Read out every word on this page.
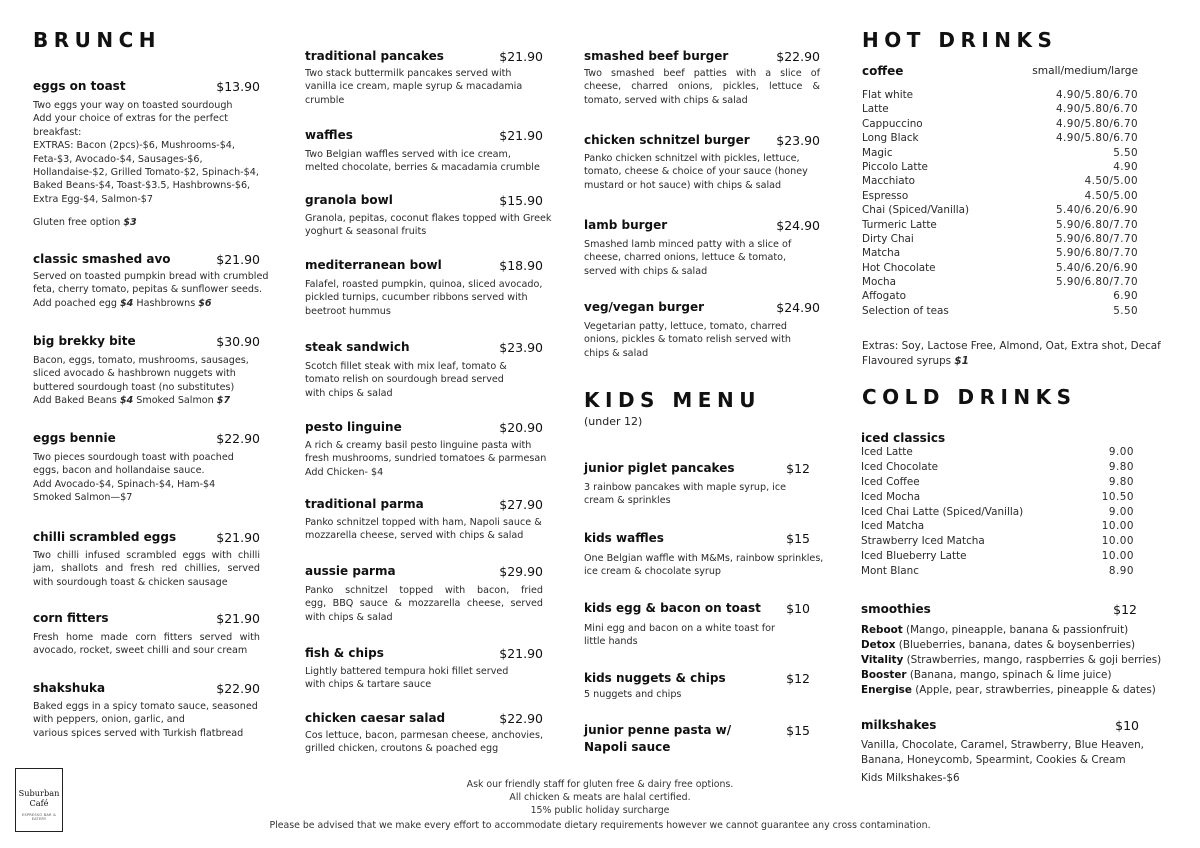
BRUNCH
eggs on toast	$13.90
Two eggs your way on toasted sourdough
Add your choice of extras for the perfect
breakfast:
EXTRAS: Bacon (2pcs)-$6, Mushrooms-$4,
Feta-$3, Avocado-$4, Sausages-$6,
Hollandaise-$2, Grilled Tomato-$2, Spinach-$4,
Baked Beans-$4, Toast-$3.5, Hashbrowns-$6,
Extra Egg-$4, Salmon-$7
Gluten free option $3
classic smashed avo	$21.90
Served on toasted pumpkin bread with crumbled
feta, cherry tomato, pepitas & sunflower seeds.
Add poached egg $4 Hashbrowns $6
big brekky bite	$30.90
Bacon, eggs, tomato, mushrooms, sausages,
sliced avocado & hashbrown nuggets with
buttered sourdough toast (no substitutes)
Add Baked Beans $4 Smoked Salmon $7
eggs bennie	$22.90
Two pieces sourdough toast with poached
eggs, bacon and hollandaise sauce.
Add Avocado-$4, Spinach-$4, Ham-$4
Smoked Salmon—$7
chilli scrambled eggs	$21.90
Two chilli infused scrambled eggs with chilli
jam, shallots and fresh red chillies, served
with sourdough toast & chicken sausage
corn fitters	$21.90
Fresh home made corn fitters served with
avocado, rocket, sweet chilli and sour cream
shakshuka	$22.90
Baked eggs in a spicy tomato sauce, seasoned
with peppers, onion, garlic, and
various spices served with Turkish flatbread
traditional pancakes	$21.90
Two stack buttermilk pancakes served with
vanilla ice cream, maple syrup & macadamia
crumble
waffles	$21.90
Two Belgian waffles served with ice cream,
melted chocolate, berries & macadamia crumble
granola bowl	$15.90
Granola, pepitas, coconut flakes topped with Greek
yoghurt & seasonal fruits
mediterranean bowl	$18.90
Falafel, roasted pumpkin, quinoa, sliced avocado,
pickled turnips, cucumber ribbons served with
beetroot hummus
steak sandwich	$23.90
Scotch fillet steak with mix leaf, tomato &
tomato relish on sourdough bread served
with chips & salad
pesto linguine	$20.90
A rich & creamy basil pesto linguine pasta with
fresh mushrooms, sundried tomatoes & parmesan
Add Chicken- $4
traditional parma	$27.90
Panko schnitzel topped with ham, Napoli sauce &
mozzarella cheese, served with chips & salad
aussie parma	$29.90
Panko schnitzel topped with bacon, fried
egg, BBQ sauce & mozzarella cheese, served
with chips & salad
fish & chips	$21.90
Lightly battered tempura hoki fillet served
with chips & tartare sauce
chicken caesar salad	$22.90
Cos lettuce, bacon, parmesan cheese, anchovies,
grilled chicken, croutons & poached egg
smashed beef burger	$22.90
Two smashed beef patties with a slice of
cheese, charred onions, pickles, lettuce &
tomato, served with chips & salad
chicken schnitzel burger $23.90
Panko chicken schnitzel with pickles, lettuce,
tomato, cheese & choice of your sauce (honey
mustard or hot sauce) with chips & salad
lamb burger	$24.90
Smashed lamb minced patty with a slice of
cheese, charred onions, lettuce & tomato,
served with chips & salad
veg/vegan burger	$24.90
Vegetarian patty, lettuce, tomato, charred
onions, pickles & tomato relish served with
chips & salad
KIDS MENU
(under 12)
junior piglet pancakes	$12
3 rainbow pancakes with maple syrup, ice
cream & sprinkles
kids waffles	$15
One Belgian waffle with M&Ms, rainbow sprinkles,
ice cream & chocolate syrup
kids egg & bacon on toast $10
Mini egg and bacon on a white toast for
little hands
kids nuggets & chips	$12
5 nuggets and chips
junior penne pasta w/	$15
Napoli sauce
HOT DRINKS
coffee	small/medium/large
Flat white	4.90/5.80/6.70
Latte	4.90/5.80/6.70
Cappuccino	4.90/5.80/6.70
Long Black	4.90/5.80/6.70
Magic	5.50
Piccolo Latte	4.90
Macchiato	4.50/5.00
Espresso	4.50/5.00
Chai (Spiced/Vanilla)	5.40/6.20/6.90
Turmeric Latte	5.90/6.80/7.70
Dirty Chai	5.90/6.80/7.70
Matcha	5.90/6.80/7.70
Hot Chocolate	5.40/6.20/6.90
Mocha	5.90/6.80/7.70
Affogato	6.90
Selection of teas	5.50
Extras: Soy, Lactose Free, Almond, Oat, Extra shot, Decaf
Flavoured syrups $1
COLD DRINKS
iced classics
Iced Latte	9.00
Iced Chocolate	9.80
Iced Coffee	9.80
Iced Mocha	10.50
Iced Chai Latte (Spiced/Vanilla)	9.00
Iced Matcha	10.00
Strawberry Iced Matcha	10.00
Iced Blueberry Latte	10.00
Mont Blanc	8.90
smoothies	$12
Reboot (Mango, pineapple, banana & passionfruit)
Detox (Blueberries, banana, dates & boysenberries)
Vitality (Strawberries, mango, raspberries & goji berries)
Booster (Banana, mango, spinach & lime juice)
Energise (Apple, pear, strawberries, pineapple & dates)
milkshakes	$10
Vanilla, Chocolate, Caramel, Strawberry, Blue Heaven,
Banana, Honeycomb, Spearmint, Cookies & Cream
Kids Milkshakes-$6
Ask our friendly staff for gluten free & dairy free options.
All chicken & meats are halal certified.
15% public holiday surcharge
Please be advised that we make every effort to accommodate dietary requirements however we cannot guarantee any cross contamination.
Suburban
Café
ESPRESSO BAR & EATERY
